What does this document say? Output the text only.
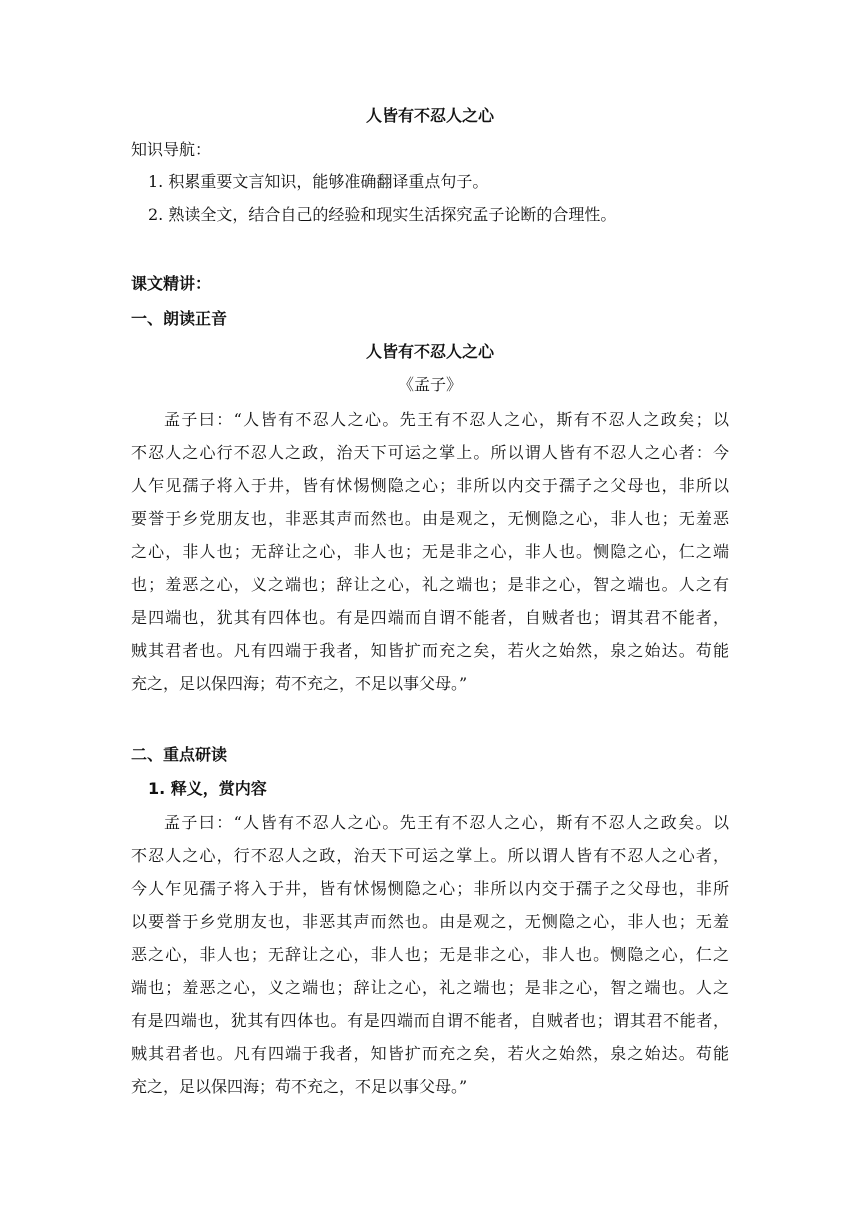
人皆有不忍人之心
知识导航：
1. 积累重要文言知识，能够准确翻译重点句子。
2. 熟读全文，结合自己的经验和现实生活探究孟子论断的合理性。
课文精讲：
一、朗读正音
人皆有不忍人之心
《孟子》
孟子曰：“人皆有不忍人之心。先王有不忍人之心，斯有不忍人之政矣；以
不忍人之心行不忍人之政，治天下可运之掌上。所以谓人皆有不忍人之心者：今
人乍见孺子将入于井，皆有怵惕恻隐之心；非所以内交于孺子之父母也，非所以
要誉于乡党朋友也，非恶其声而然也。由是观之，无恻隐之心，非人也；无羞恶
之心，非人也；无辞让之心，非人也；无是非之心，非人也。恻隐之心，仁之端
也；羞恶之心，义之端也；辞让之心，礼之端也；是非之心，智之端也。人之有
是四端也，犹其有四体也。有是四端而自谓不能者，自贼者也；谓其君不能者，
贼其君者也。凡有四端于我者，知皆扩而充之矣，若火之始然，泉之始达。苟能
充之，足以保四海；苟不充之，不足以事父母。”
二、重点研读
1. 释义，赏内容
孟子曰：“人皆有不忍人之心。先王有不忍人之心，斯有不忍人之政矣。以
不忍人之心，行不忍人之政，治天下可运之掌上。所以谓人皆有不忍人之心者，
今人乍见孺子将入于井，皆有怵惕恻隐之心；非所以内交于孺子之父母也，非所
以要誉于乡党朋友也，非恶其声而然也。由是观之，无恻隐之心，非人也；无羞
恶之心，非人也；无辞让之心，非人也；无是非之心，非人也。恻隐之心，仁之
端也；羞恶之心，义之端也；辞让之心，礼之端也；是非之心，智之端也。人之
有是四端也，犹其有四体也。有是四端而自谓不能者，自贼者也；谓其君不能者，
贼其君者也。凡有四端于我者，知皆扩而充之矣，若火之始然，泉之始达。苟能
充之，足以保四海；苟不充之，不足以事父母。”
